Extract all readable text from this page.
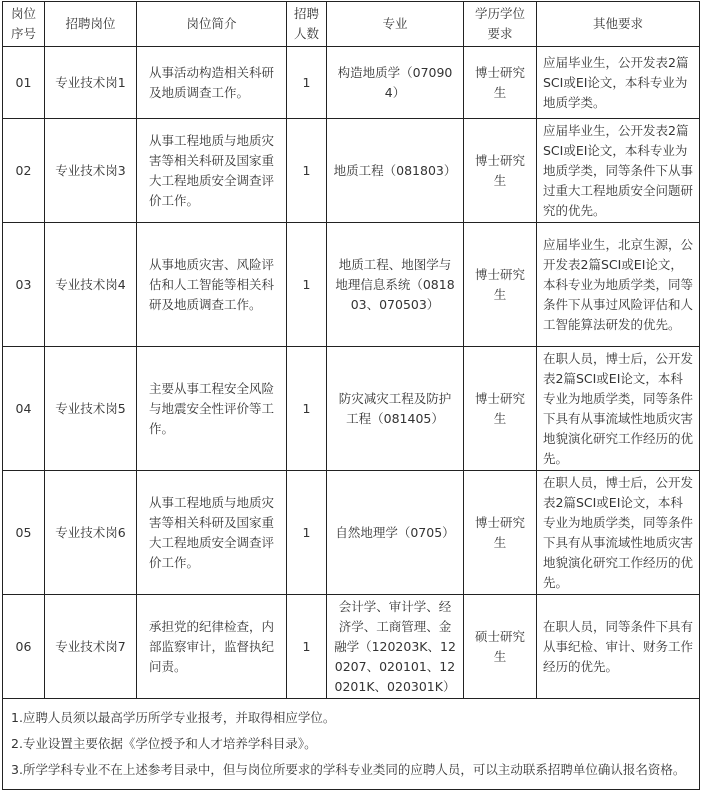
岗位序号	招聘岗位	岗位简介	招聘人数	专业	学历学位要求	其他要求
01	专业技术岗1	从事活动构造相关科研及地质调查工作。	1	构造地质学（070904）	博士研究生	应届毕业生，公开发表2篇SCI或EI论文，本科专业为地质学类。
02	专业技术岗3	从事工程地质与地质灾害等相关科研及国家重大工程地质安全调查评价工作。	1	地质工程（081803）	博士研究生	应届毕业生，公开发表2篇SCI或EI论文，本科专业为地质学类，同等条件下从事过重大工程地质安全问题研究的优先。
03	专业技术岗4	从事地质灾害、风险评估和人工智能等相关科研及地质调查工作。	1	地质工程、地图学与地理信息系统（081803、070503）	博士研究生	应届毕业生，北京生源，公开发表2篇SCI或EI论文，本科专业为地质学类，同等条件下从事过风险评估和人工智能算法研发的优先。
04	专业技术岗5	主要从事工程安全风险与地震安全性评价等工作。	1	防灾减灾工程及防护工程（081405）	博士研究生	在职人员，博士后，公开发表2篇SCI或EI论文，本科专业为地质学类，同等条件下具有从事流域性地质灾害地貌演化研究工作经历的优先。
05	专业技术岗6	从事工程地质与地质灾害等相关科研及国家重大工程地质安全调查评价工作。	1	自然地理学（0705）	博士研究生	在职人员，博士后，公开发表2篇SCI或EI论文，本科专业为地质学类，同等条件下具有从事流域性地质灾害地貌演化研究工作经历的优先。
06	专业技术岗7	承担党的纪律检查，内部监察审计，监督执纪问责。	1	会计学、审计学、经济学、工商管理、金融学（120203K、120207、020101、120201K、020301K）	硕士研究生	在职人员，同等条件下具有从事纪检、审计、财务工作经历的优先。

1.应聘人员须以最高学历所学专业报考，并取得相应学位。
2.专业设置主要依据《学位授予和人才培养学科目录》。
3.所学学科专业不在上述参考目录中，但与岗位所要求的学科专业类同的应聘人员，可以主动联系招聘单位确认报名资格。						
